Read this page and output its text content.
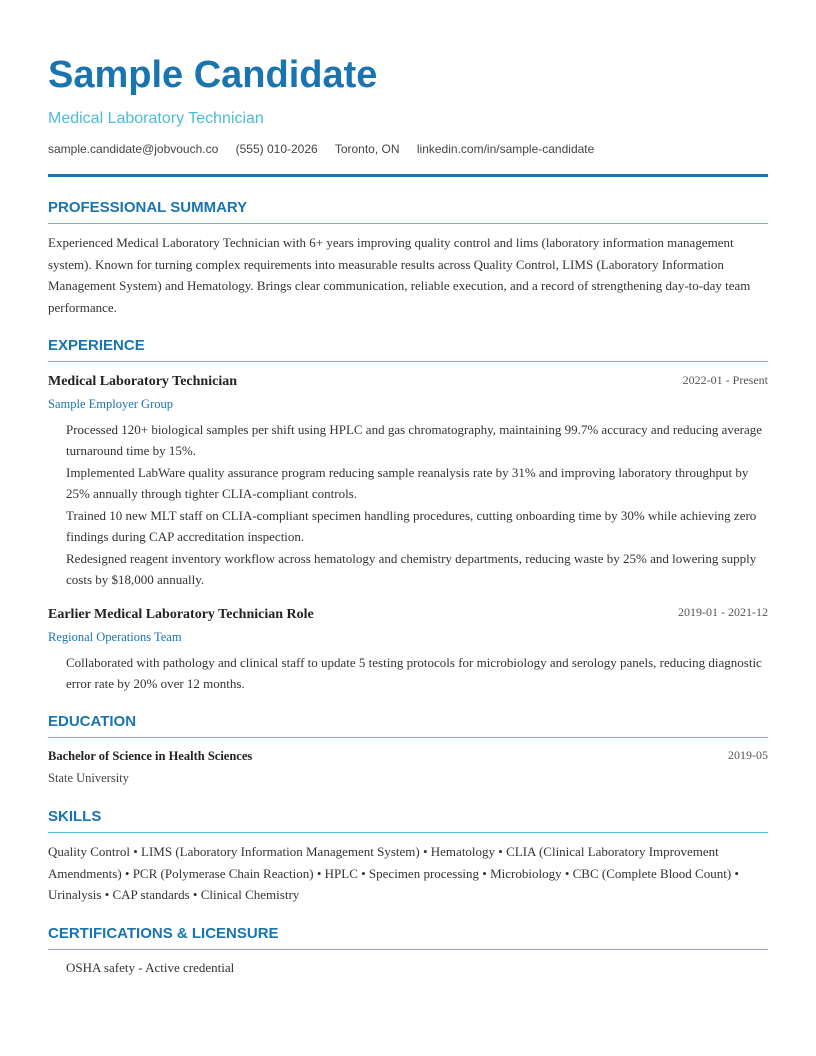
Sample Candidate
Medical Laboratory Technician
sample.candidate@jobvouch.co (555) 010-2026 Toronto, ON linkedin.com/in/sample-candidate
PROFESSIONAL SUMMARY
Experienced Medical Laboratory Technician with 6+ years improving quality control and lims (laboratory information management system). Known for turning complex requirements into measurable results across Quality Control, LIMS (Laboratory Information Management System) and Hematology. Brings clear communication, reliable execution, and a record of strengthening day-to-day team performance.
EXPERIENCE
Medical Laboratory Technician	2022-01 - Present
Sample Employer Group
Processed 120+ biological samples per shift using HPLC and gas chromatography, maintaining 99.7% accuracy and reducing average turnaround time by 15%.
Implemented LabWare quality assurance program reducing sample reanalysis rate by 31% and improving laboratory throughput by 25% annually through tighter CLIA-compliant controls.
Trained 10 new MLT staff on CLIA-compliant specimen handling procedures, cutting onboarding time by 30% while achieving zero findings during CAP accreditation inspection.
Redesigned reagent inventory workflow across hematology and chemistry departments, reducing waste by 25% and lowering supply costs by $18,000 annually.
Earlier Medical Laboratory Technician Role	2019-01 - 2021-12
Regional Operations Team
Collaborated with pathology and clinical staff to update 5 testing protocols for microbiology and serology panels, reducing diagnostic error rate by 20% over 12 months.
EDUCATION
Bachelor of Science in Health Sciences	2019-05
State University
SKILLS
Quality Control • LIMS (Laboratory Information Management System) • Hematology • CLIA (Clinical Laboratory Improvement Amendments) • PCR (Polymerase Chain Reaction) • HPLC • Specimen processing • Microbiology • CBC (Complete Blood Count) • Urinalysis • CAP standards • Clinical Chemistry
CERTIFICATIONS & LICENSURE
OSHA safety - Active credential
